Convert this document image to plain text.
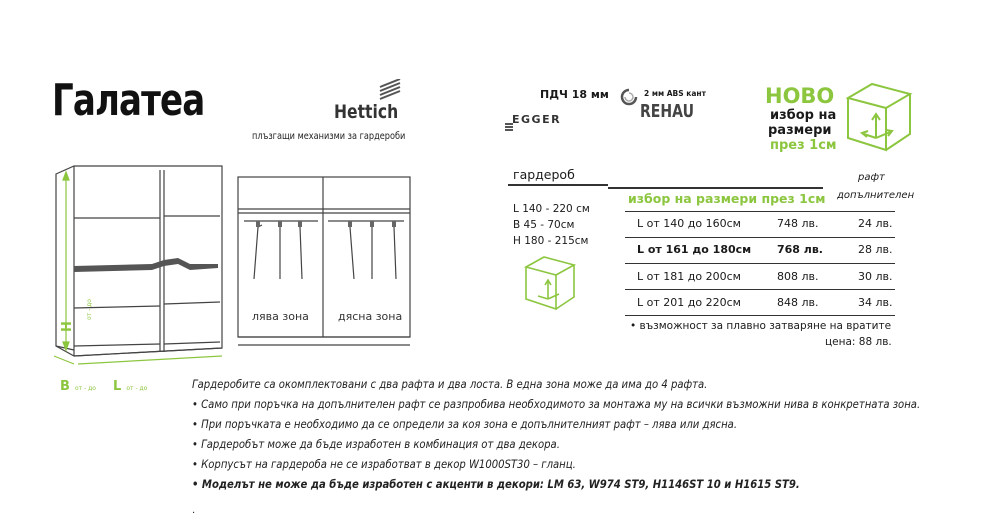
Галатеа	Hettich
плъзгащи механизми за гардероби
ПДЧ 18 мм
EGGER
2 мм ABS кант
REHAU
НОВО
избор на
размери
през 1см
H
от - до
B от - до L от - до
лява зона	дясна зона
гардероб
избор на размери през 1см
рафт
допълнителен
L 140 - 220 см
B 45 - 70см
H 180 - 215см
L от 140 до 160см	748 лв.	24 лв.
L от 161 до 180см 768 лв.	28 лв.
L от 181 до 200см	808 лв.	30 лв.
L от 201 до 220см	848 лв.	34 лв.
• възможност за плавно затваряне на вратите
цена: 88 лв.
Гардеробите са окомплектовани с два рафта и два лоста. В една зона може да има до 4 рафта.
• Само при поръчка на допълнителен рафт се разпробива необходимото за монтажа му на всички възможни нива в конкретната зона.
• При поръчката е необходимо да се определи за коя зона е допълнителният рафт – лява или дясна.
• Гардеробът може да бъде изработен в комбинация от два декора.
• Корпусът на гардероба не се изработват в декор W1000ST30 – гланц.
• Моделът не може да бъде изработен с акценти в декори: LM 63, W974 ST9, H1146ST 10 и H1615 ST9.
.
